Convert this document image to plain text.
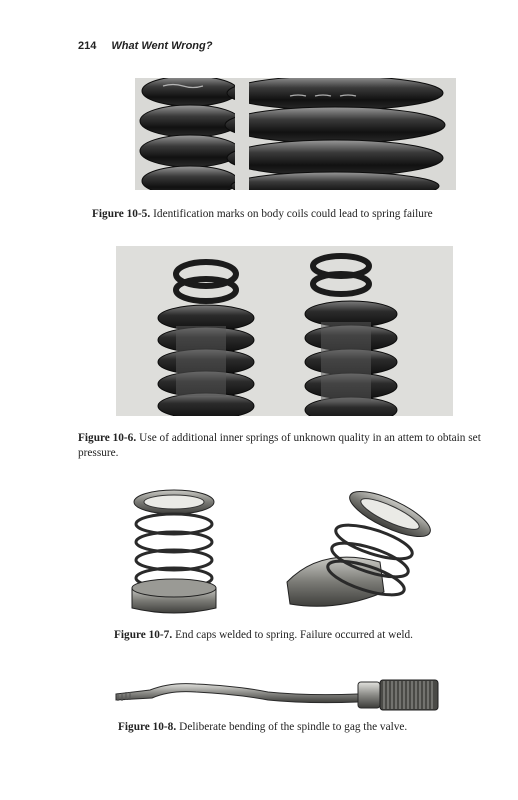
214 What Went Wrong?
Figure 10-5. Identification marks on body coils could lead to spring failure
Figure 10-6. Use of additional inner springs of unknown quality in an attem to obtain set pressure.
Figure 10-7. End caps welded to spring. Failure occurred at weld.
Figure 10-8. Deliberate bending of the spindle to gag the valve.
